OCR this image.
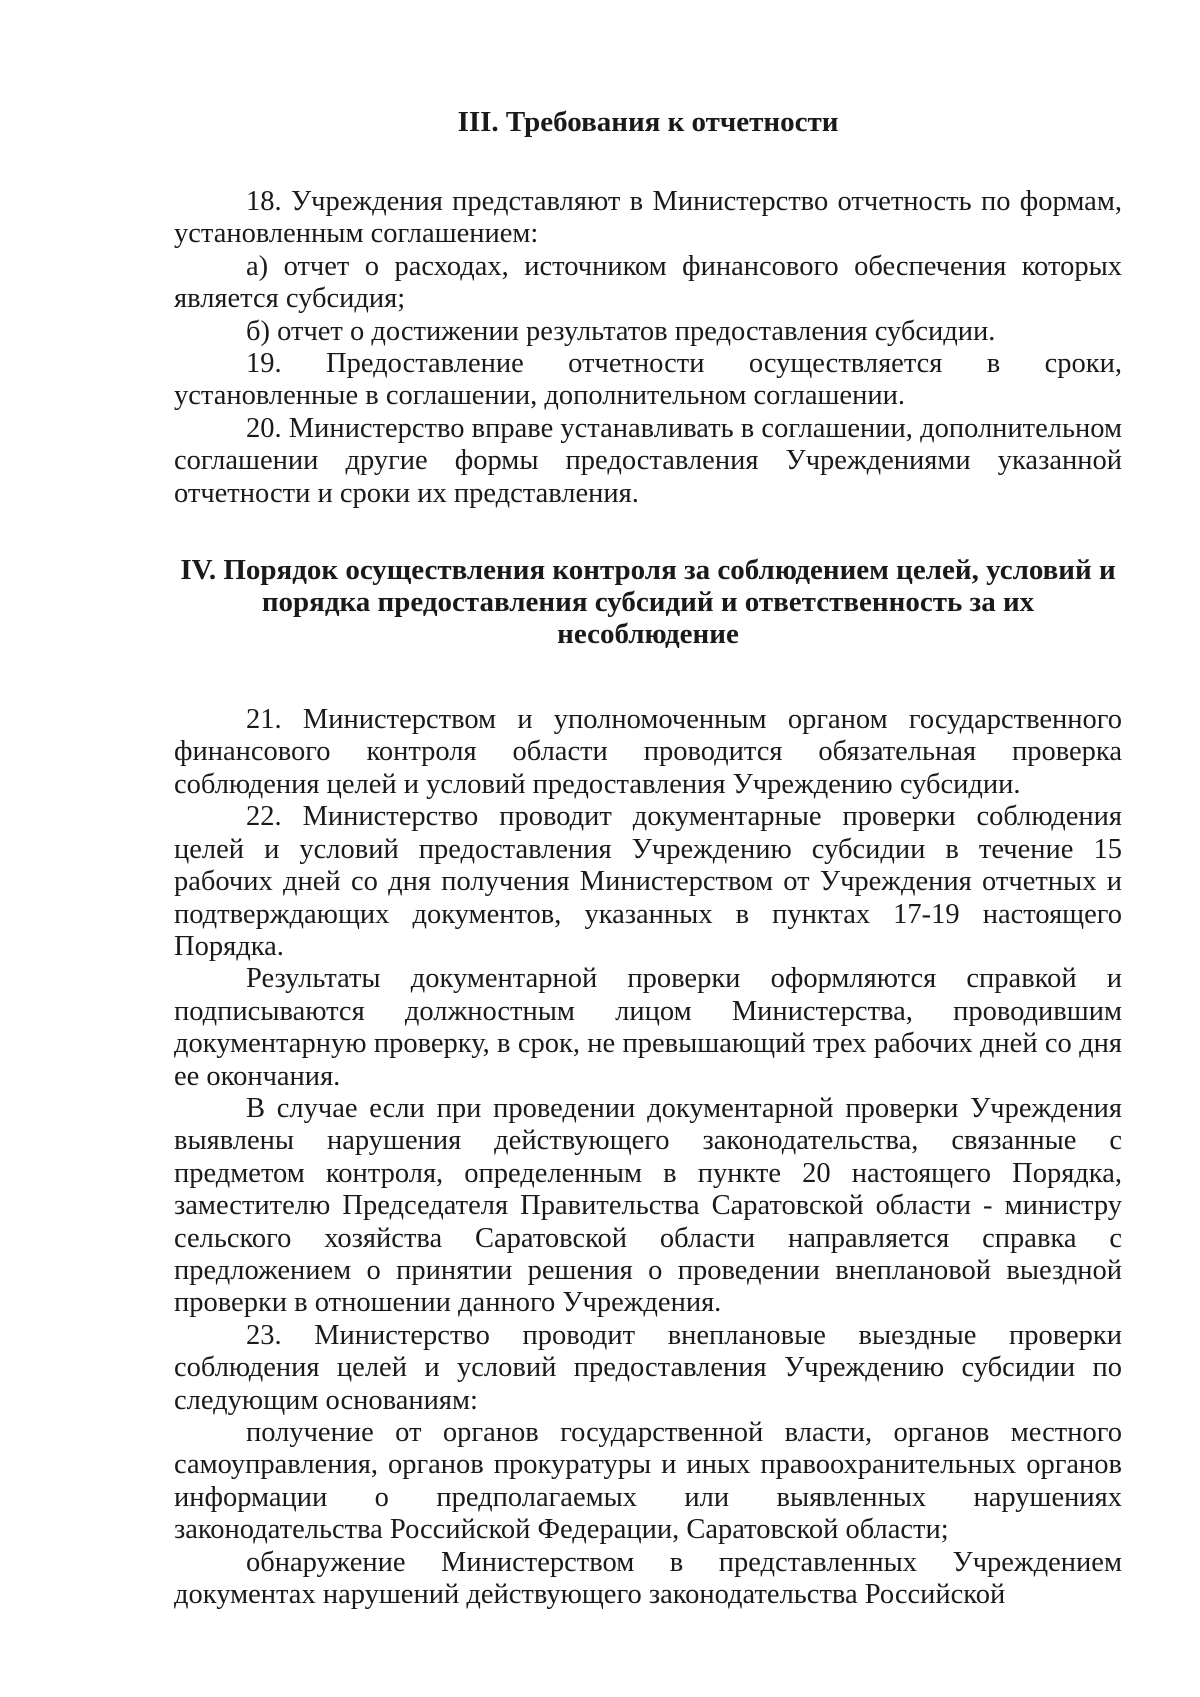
III. Требования к отчетности

18. Учреждения представляют в Министерство отчетность по формам, установленным соглашением:

а) отчет о расходах, источником финансового обеспечения которых является субсидия;

б) отчет о достижении результатов предоставления субсидии.

19. Предоставление отчетности осуществляется в сроки, установленные в соглашении, дополнительном соглашении.

20. Министерство вправе устанавливать в соглашении, дополнительном соглашении другие формы предоставления Учреждениями указанной отчетности и сроки их представления.

IV. Порядок осуществления контроля за соблюдением целей, условий и порядка предоставления субсидий и ответственность за их несоблюдение

21. Министерством и уполномоченным органом государственного финансового контроля области проводится обязательная проверка соблюдения целей и условий предоставления Учреждению субсидии.

22. Министерство проводит документарные проверки соблюдения целей и условий предоставления Учреждению субсидии в течение 15 рабочих дней со дня получения Министерством от Учреждения отчетных и подтверждающих документов, указанных в пунктах 17-19 настоящего Порядка.

Результаты документарной проверки оформляются справкой и подписываются должностным лицом Министерства, проводившим документарную проверку, в срок, не превышающий трех рабочих дней со дня ее окончания.

В случае если при проведении документарной проверки Учреждения выявлены нарушения действующего законодательства, связанные с предметом контроля, определенным в пункте 20 настоящего Порядка, заместителю Председателя Правительства Саратовской области - министру сельского хозяйства Саратовской области направляется справка с предложением о принятии решения о проведении внеплановой выездной проверки в отношении данного Учреждения.

23. Министерство проводит внеплановые выездные проверки соблюдения целей и условий предоставления Учреждению субсидии по следующим основаниям:

получение от органов государственной власти, органов местного самоуправления, органов прокуратуры и иных правоохранительных органов информации о предполагаемых или выявленных нарушениях законодательства Российской Федерации, Саратовской области;

обнаружение Министерством в представленных Учреждением документах нарушений действующего законодательства Российской
